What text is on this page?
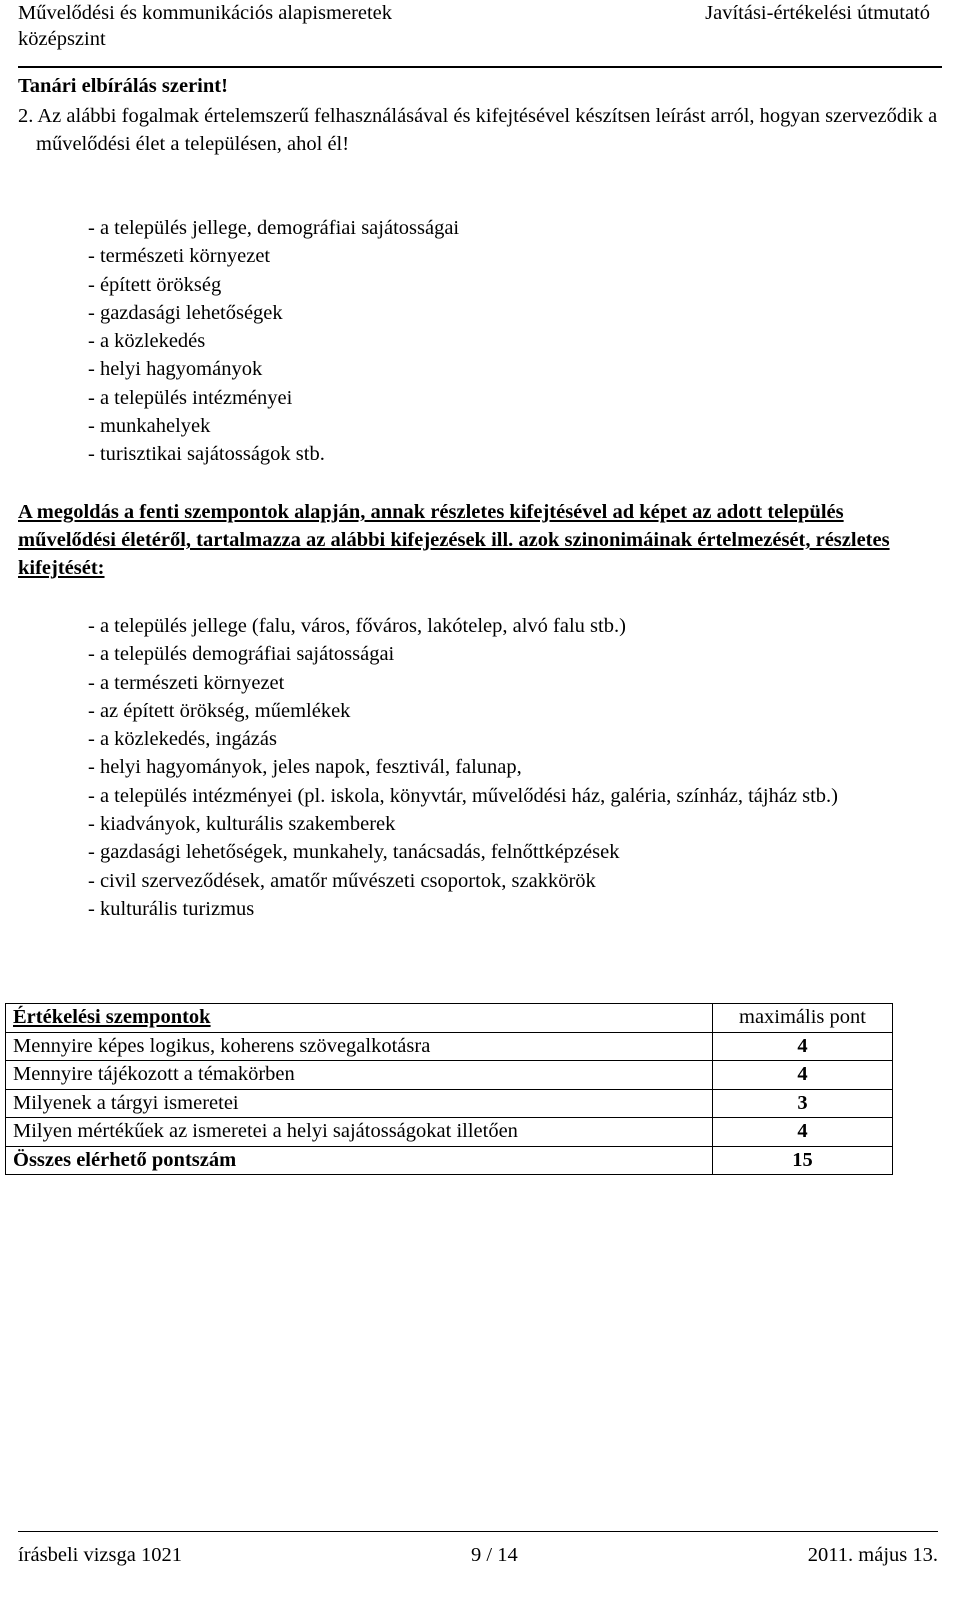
Művelődési és kommunikációs alapismeretek
középszint
Javítási-értékelési útmutató
Tanári elbírálás szerint!
2. Az alábbi fogalmak értelemszerű felhasználásával és kifejtésével készítsen leírást arról, hogyan szerveződik a művelődési élet a településen, ahol él!
- a település jellege, demográfiai sajátosságai
- természeti környezet
- épített örökség
- gazdasági lehetőségek
- a közlekedés
- helyi hagyományok
- a település intézményei
- munkahelyek
- turisztikai sajátosságok stb.
A megoldás a fenti szempontok alapján, annak részletes kifejtésével ad képet az adott település művelődési életéről, tartalmazza az alábbi kifejezések ill. azok szinonimáinak értelmezését, részletes kifejtését:
- a település jellege (falu, város, főváros, lakótelep, alvó falu stb.)
- a település demográfiai sajátosságai
- a természeti környezet
- az épített örökség, műemlékek
- a közlekedés, ingázás
- helyi hagyományok, jeles napok, fesztivál, falunap,
- a település intézményei (pl. iskola, könyvtár, művelődési ház, galéria, színház, tájház stb.)
- kiadványok, kulturális szakemberek
- gazdasági lehetőségek, munkahely, tanácsadás, felnőttképzések
- civil szerveződések, amatőr művészeti csoportok, szakkörök
- kulturális turizmus
Értékelési szempontok	maximális pont
Mennyire képes logikus, koherens szövegalkotásra	4
Mennyire tájékozott a témakörben	4
Milyenek a tárgyi ismeretei	3
Milyen mértékűek az ismeretei a helyi sajátosságokat illetően	4
Összes elérhető pontszám	15
írásbeli vizsga 1021	9 / 14	2011. május 13.
